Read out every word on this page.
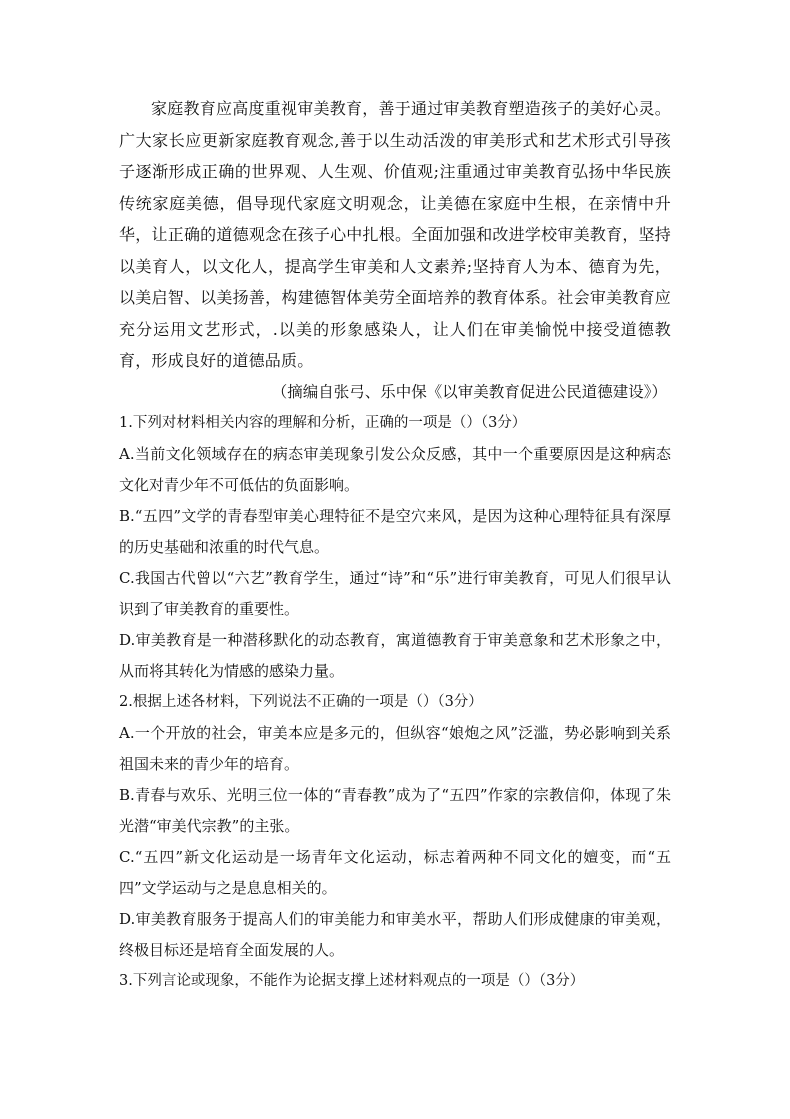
家庭教育应高度重视审美教育，善于通过审美教育塑造孩子的美好心灵。广大家长应更新家庭教育观念,善于以生动活泼的审美形式和艺术形式引导孩子逐渐形成正确的世界观、人生观、价值观;注重通过审美教育弘扬中华民族传统家庭美德，倡导现代家庭文明观念，让美德在家庭中生根，在亲情中升华，让正确的道德观念在孩子心中扎根。全面加强和改进学校审美教育，坚持以美育人，以文化人，提高学生审美和人文素养;坚持育人为本、德育为先，以美启智、以美扬善，构建德智体美劳全面培养的教育体系。社会审美教育应充分运用文艺形式，.以美的形象感染人，让人们在审美愉悦中接受道德教育，形成良好的道德品质。

（摘编自张弓、乐中保《以审美教育促进公民道德建设》）

1.下列对材料相关内容的理解和分析，正确的一项是（）（3分）

A.当前文化领域存在的病态审美现象引发公众反感，其中一个重要原因是这种病态文化对青少年不可低估的负面影响。

B.“五四”文学的青春型审美心理特征不是空穴来风，是因为这种心理特征具有深厚的历史基础和浓重的时代气息。

C.我国古代曾以“六艺”教育学生，通过“诗”和“乐”进行审美教育，可见人们很早认识到了审美教育的重要性。

D.审美教育是一种潜移默化的动态教育，寓道德教育于审美意象和艺术形象之中，从而将其转化为情感的感染力量。

2.根据上述各材料，下列说法不正确的一项是（）（3分）

A.一个开放的社会，审美本应是多元的，但纵容“娘炮之风”泛滥，势必影响到关系祖国未来的青少年的培育。

B.青春与欢乐、光明三位一体的“青春教”成为了“五四”作家的宗教信仰，体现了朱光潜“审美代宗教”的主张。

C.“五四”新文化运动是一场青年文化运动，标志着两种不同文化的嬗变，而“五四”文学运动与之是息息相关的。

D.审美教育服务于提高人们的审美能力和审美水平，帮助人们形成健康的审美观，终极目标还是培育全面发展的人。

3.下列言论或现象，不能作为论据支撑上述材料观点的一项是（）（3分）
